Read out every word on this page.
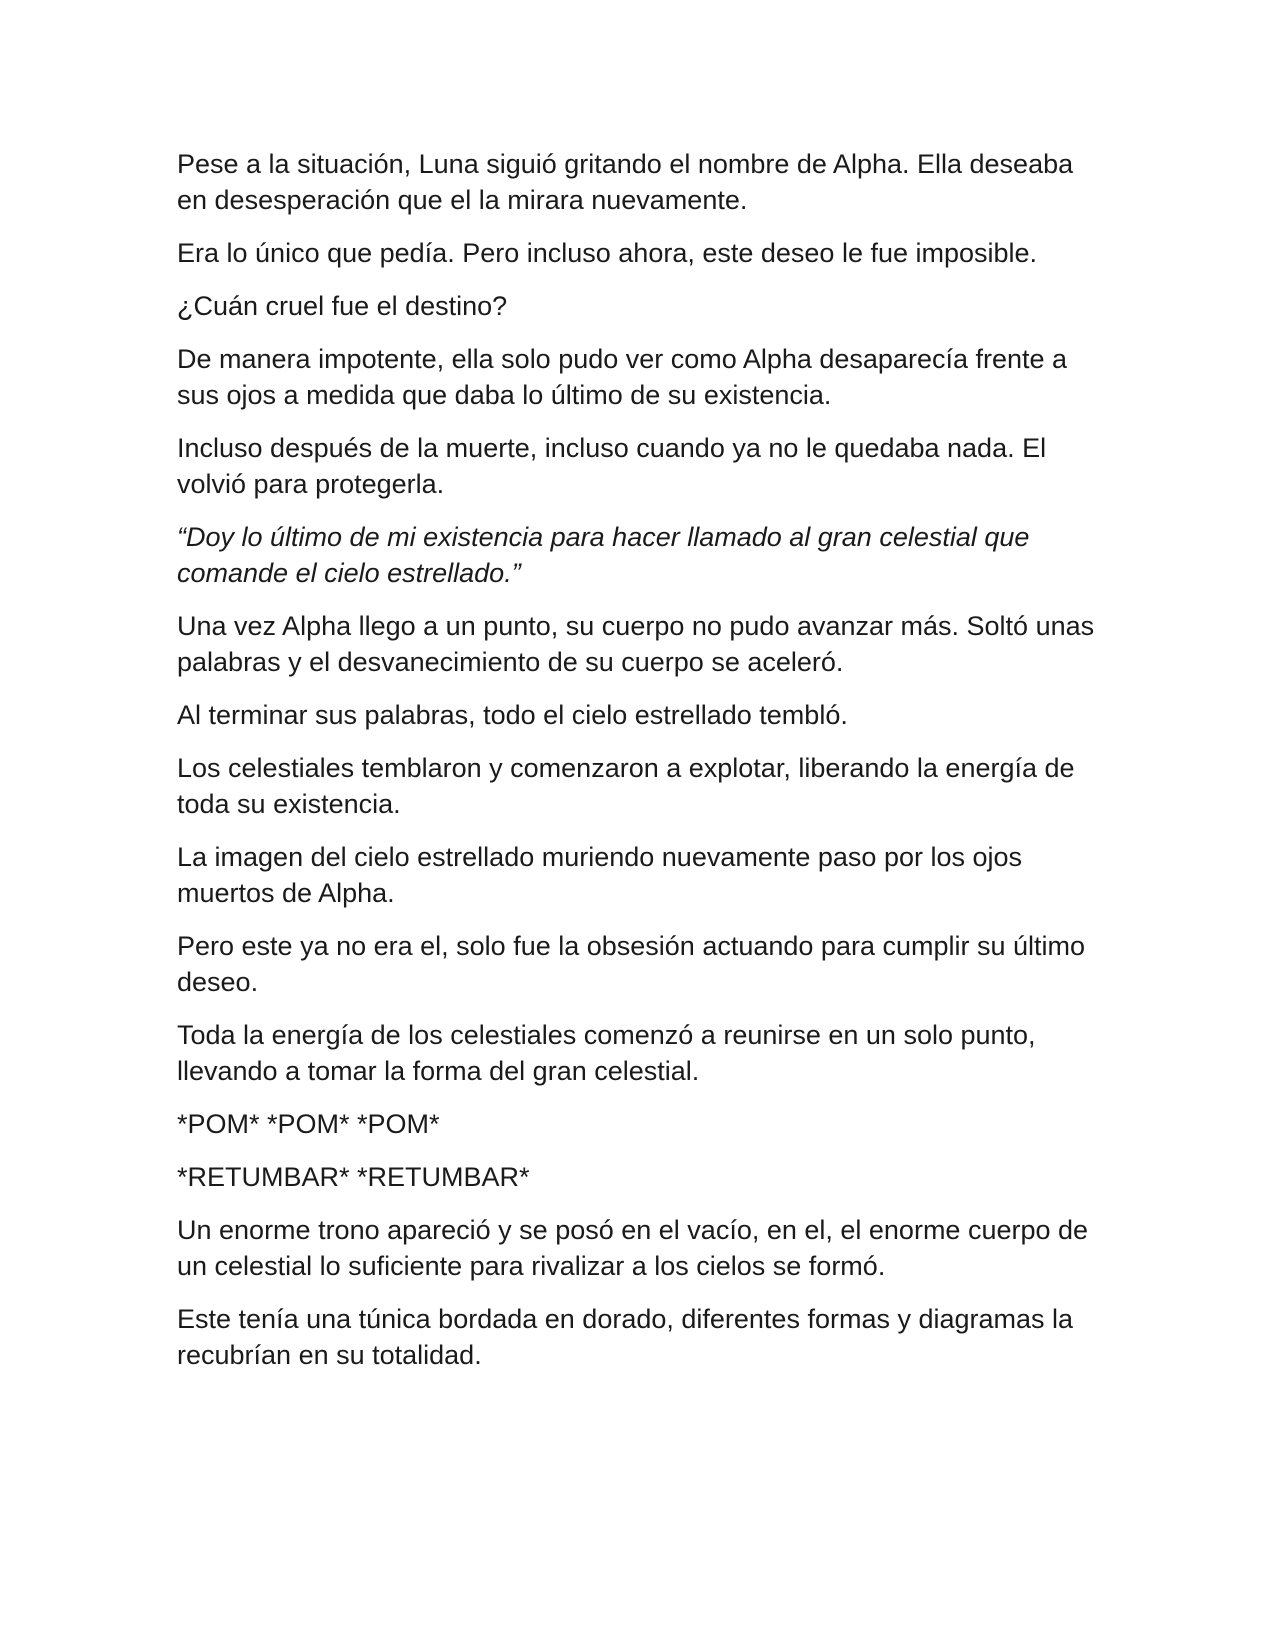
Pese a la situación, Luna siguió gritando el nombre de Alpha. Ella deseaba en desesperación que el la mirara nuevamente.

Era lo único que pedía. Pero incluso ahora, este deseo le fue imposible.

¿Cuán cruel fue el destino?

De manera impotente, ella solo pudo ver como Alpha desaparecía frente a sus ojos a medida que daba lo último de su existencia.

Incluso después de la muerte, incluso cuando ya no le quedaba nada. El volvió para protegerla.

“Doy lo último de mi existencia para hacer llamado al gran celestial que comande el cielo estrellado.”

Una vez Alpha llego a un punto, su cuerpo no pudo avanzar más. Soltó unas palabras y el desvanecimiento de su cuerpo se aceleró.

Al terminar sus palabras, todo el cielo estrellado tembló.

Los celestiales temblaron y comenzaron a explotar, liberando la energía de toda su existencia.

La imagen del cielo estrellado muriendo nuevamente paso por los ojos muertos de Alpha.

Pero este ya no era el, solo fue la obsesión actuando para cumplir su último deseo.

Toda la energía de los celestiales comenzó a reunirse en un solo punto, llevando a tomar la forma del gran celestial.

*POM* *POM* *POM*

*RETUMBAR* *RETUMBAR*

Un enorme trono apareció y se posó en el vacío, en el, el enorme cuerpo de un celestial lo suficiente para rivalizar a los cielos se formó.

Este tenía una túnica bordada en dorado, diferentes formas y diagramas la recubrían en su totalidad.
